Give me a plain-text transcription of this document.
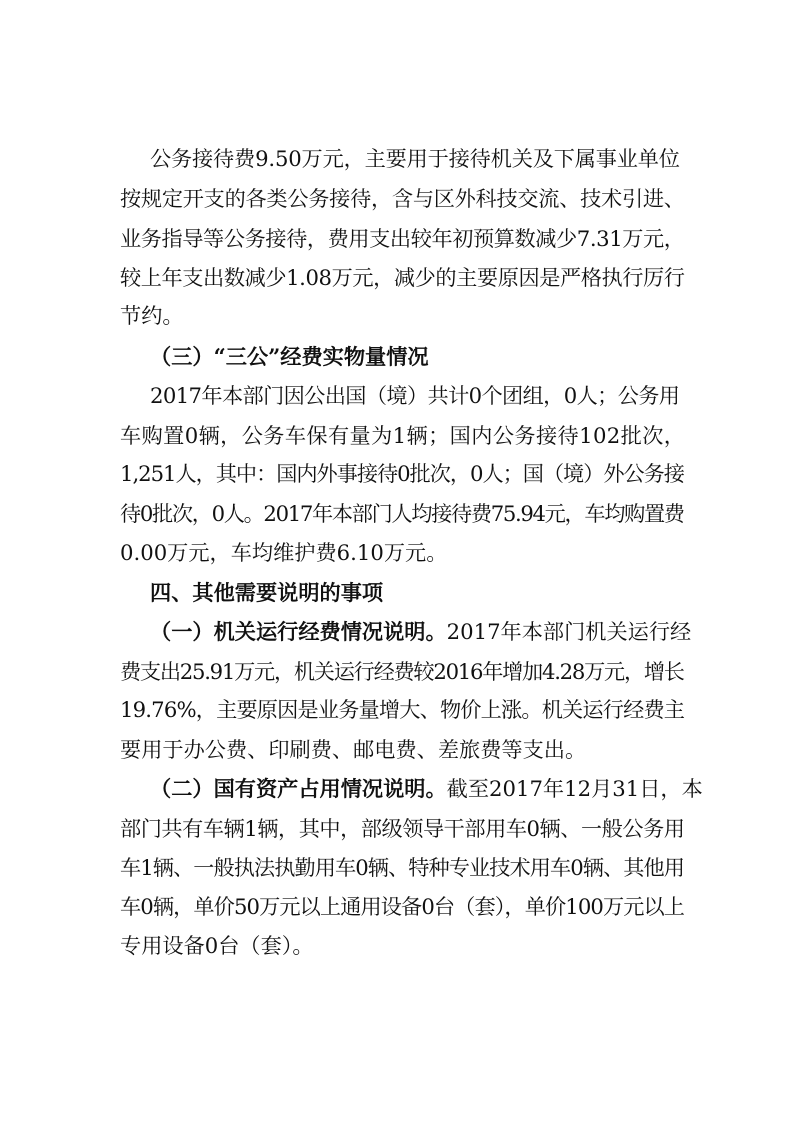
公务接待费9.50万元，主要用于接待机关及下属事业单位
按规定开支的各类公务接待，含与区外科技交流、技术引进、
业务指导等公务接待，费用支出较年初预算数减少7.31万元，
较上年支出数减少1.08万元，减少的主要原因是严格执行厉行
节约。
（三）“三公”经费实物量情况
2017年本部门因公出国（境）共计0个团组，0人；公务用
车购置0辆，公务车保有量为1辆；国内公务接待102批次，
1,251人，其中：国内外事接待0批次，0人；国（境）外公务接
待0批次，0人。2017年本部门人均接待费75.94元，车均购置费
0.00万元，车均维护费6.10万元。
四、其他需要说明的事项
（一）机关运行经费情况说明。2017年本部门机关运行经
费支出25.91万元，机关运行经费较2016年增加4.28万元，增长
19.76%，主要原因是业务量增大、物价上涨。机关运行经费主
要用于办公费、印刷费、邮电费、差旅费等支出。
（二）国有资产占用情况说明。截至2017年12月31日，本
部门共有车辆1辆，其中，部级领导干部用车0辆、一般公务用
车1辆、一般执法执勤用车0辆、特种专业技术用车0辆、其他用
车0辆，单价50万元以上通用设备0台（套），单价100万元以上
专用设备0台（套）。
